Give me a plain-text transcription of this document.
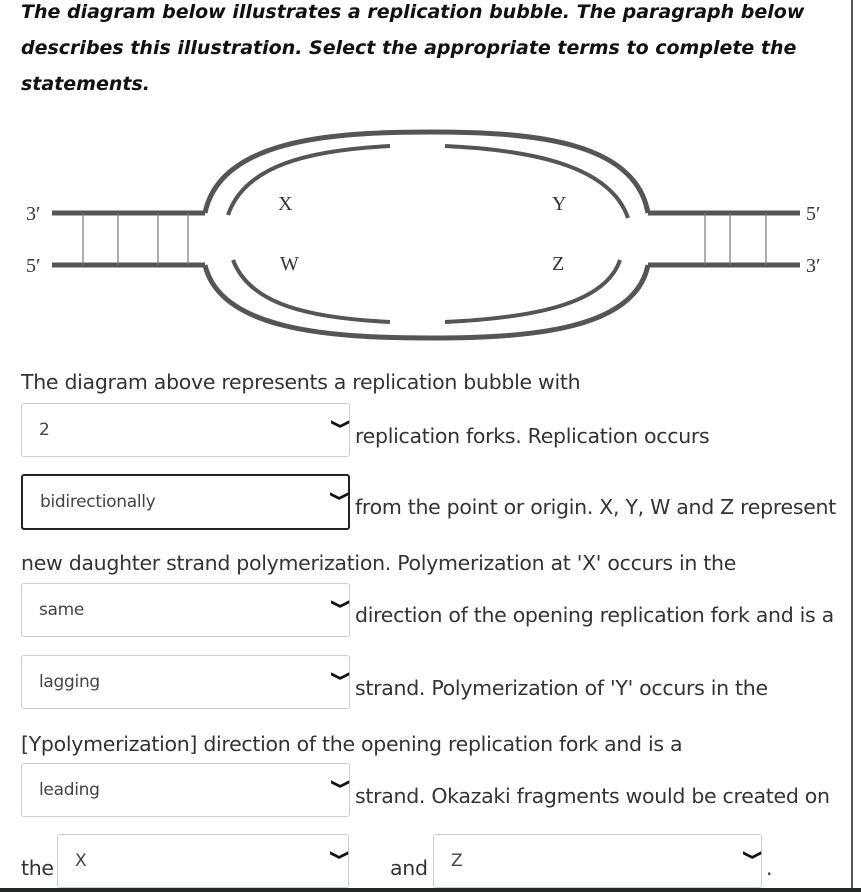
The diagram below illustrates a replication bubble. The paragraph below describes this illustration. Select the appropriate terms to complete the statements.
3′
5′
5′
3′
X	Y
W	Z
The diagram above represents a replication bubble with
2	❯ replication forks. Replication occurs
bidirectionally	❯ from the point or origin. X, Y, W and Z represent
new daughter strand polymerization. Polymerization at 'X' occurs in the
same	❯ direction of the opening replication fork and is a
lagging	❯ strand. Polymerization of 'Y' occurs in the
[Ypolymerization] direction of the opening replication fork and is a
leading	❯ strand. Okazaki fragments would be created on
the X	❯
and Z	❯
.
